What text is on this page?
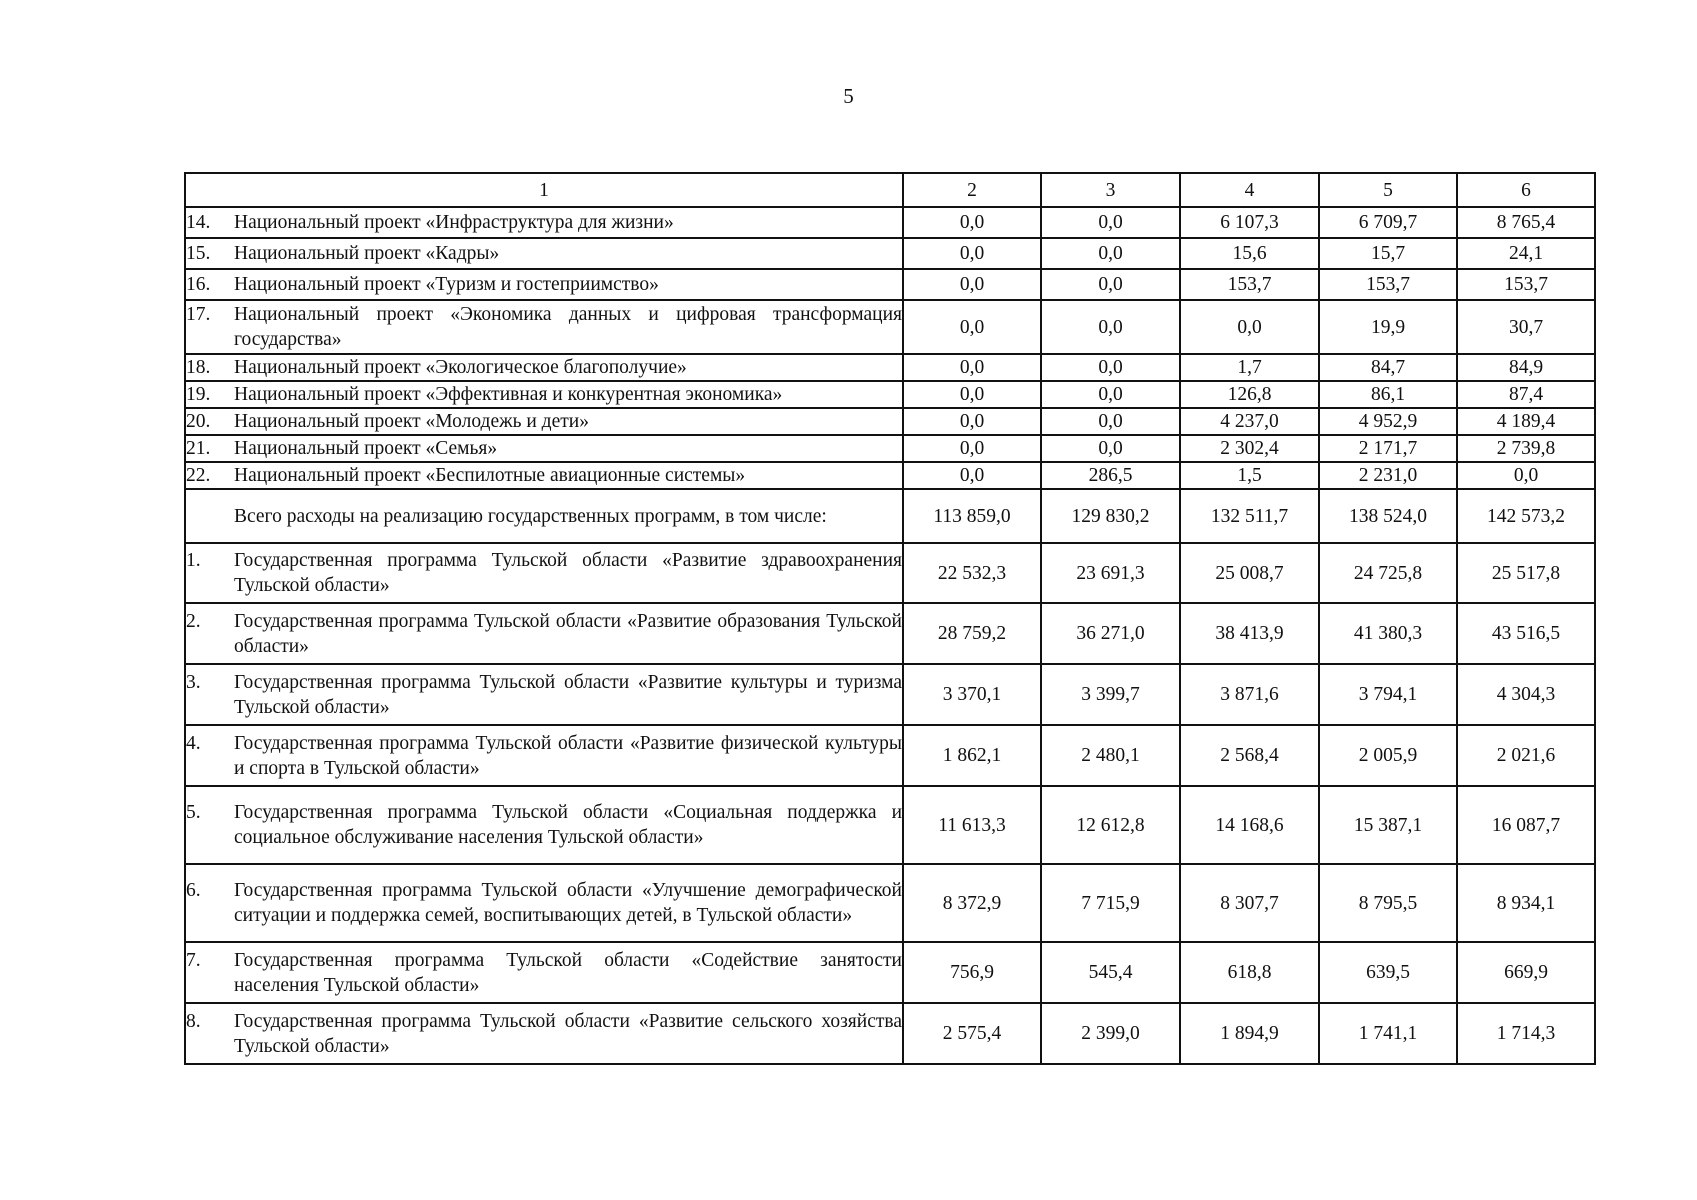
5
1	2	3	4	5	6

14. Национальный проект «Инфраструктура для жизни»	0,0	0,0	6 107,3	6 709,7	8 765,4

15. Национальный проект «Кадры»	0,0	0,0	15,6	15,7	24,1

16. Национальный проект «Туризм и гостеприимство»	0,0	0,0	153,7	153,7	153,7

17. Национальный проект «Экономика данных и цифровая трансформация государства»	0,0	0,0	0,0	19,9	30,7

18. Национальный проект «Экологическое благополучие»	0,0	0,0	1,7	84,7	84,9

19. Национальный проект «Эффективная и конкурентная экономика»	0,0	0,0	126,8	86,1	87,4

20. Национальный проект «Молодежь и дети»	0,0	0,0	4 237,0	4 952,9	4 189,4

21. Национальный проект «Семья»	0,0	0,0	2 302,4	2 171,7	2 739,8

22. Национальный проект «Беспилотные авиационные системы»	0,0	286,5	1,5	2 231,0	0,0

Всего расходы на реализацию государственных программ, в том числе:	113 859,0	129 830,2	132 511,7	138 524,0	142 573,2

1. Государственная программа Тульской области «Развитие здравоохранения Тульской области»	22 532,3	23 691,3	25 008,7	24 725,8	25 517,8

2. Государственная программа Тульской области «Развитие образования Тульской области»	28 759,2	36 271,0	38 413,9	41 380,3	43 516,5

3. Государственная программа Тульской области «Развитие культуры и туризма Тульской области»	3 370,1	3 399,7	3 871,6	3 794,1	4 304,3

4. Государственная программа Тульской области «Развитие физической культуры и спорта в Тульской области»	1 862,1	2 480,1	2 568,4	2 005,9	2 021,6

5. Государственная программа Тульской области «Социальная поддержка и социальное обслуживание населения Тульской области»	11 613,3	12 612,8	14 168,6	15 387,1	16 087,7

6. Государственная программа Тульской области «Улучшение демографической ситуации и поддержка семей, воспитывающих детей, в Тульской области»	8 372,9	7 715,9	8 307,7	8 795,5	8 934,1

7. Государственная программа Тульской области «Содействие занятости населения Тульской области»	756,9	545,4	618,8	639,5	669,9

8. Государственная программа Тульской области «Развитие сельского хозяйства Тульской области»	2 575,4	2 399,0	1 894,9	1 741,1	1 714,3
